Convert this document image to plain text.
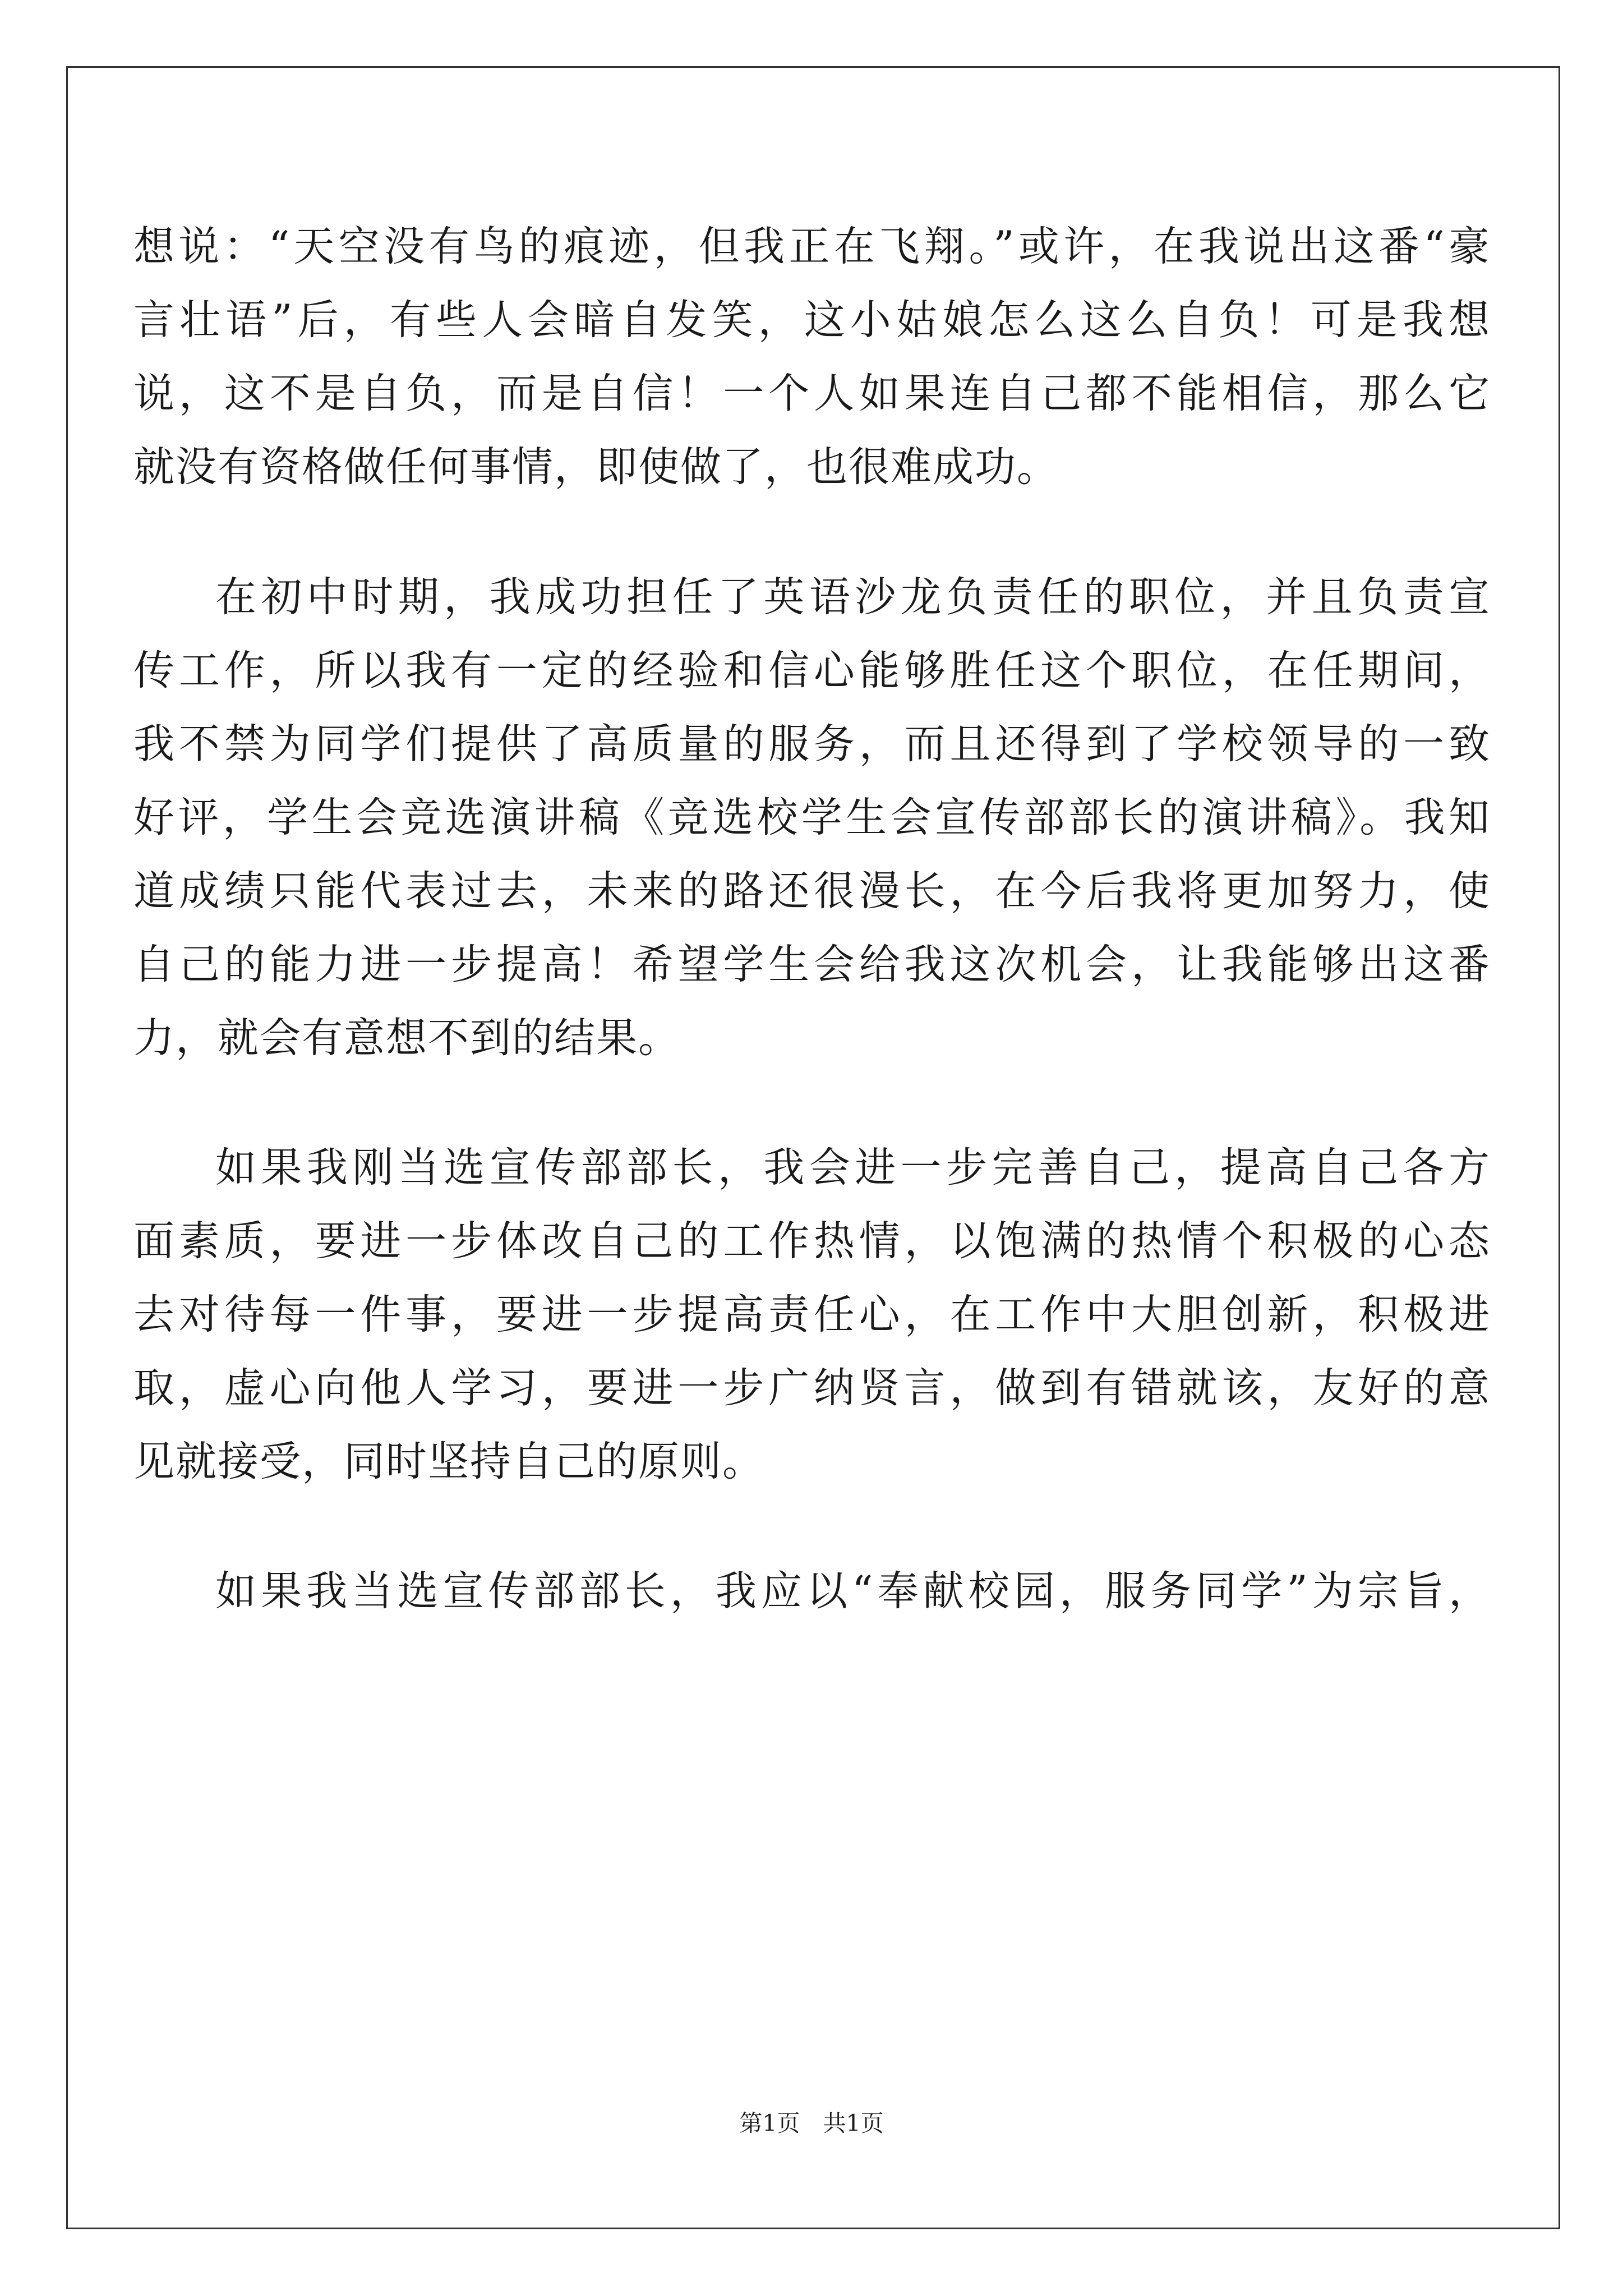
想说：“天空没有鸟的痕迹，但我正在飞翔。”或许，在我说出这番“豪
言壮语”后，有些人会暗自发笑，这小姑娘怎么这么自负！可是我想
说，这不是自负，而是自信！一个人如果连自己都不能相信，那么它
就没有资格做任何事情，即使做了，也很难成功。
在初中时期，我成功担任了英语沙龙负责任的职位，并且负责宣
传工作，所以我有一定的经验和信心能够胜任这个职位，在任期间，
我不禁为同学们提供了高质量的服务，而且还得到了学校领导的一致
好评，学生会竞选演讲稿《竞选校学生会宣传部部长的演讲稿》。我知
道成绩只能代表过去，未来的路还很漫长，在今后我将更加努力，使
自己的能力进一步提高！希望学生会给我这次机会，让我能够出这番
力，就会有意想不到的结果。
如果我刚当选宣传部部长，我会进一步完善自己，提高自己各方
面素质，要进一步体改自己的工作热情，以饱满的热情个积极的心态
去对待每一件事，要进一步提高责任心，在工作中大胆创新，积极进
取，虚心向他人学习，要进一步广纳贤言，做到有错就该，友好的意
见就接受，同时坚持自己的原则。
如果我当选宣传部部长，我应以“奉献校园，服务同学”为宗旨，
第1页　共1页
